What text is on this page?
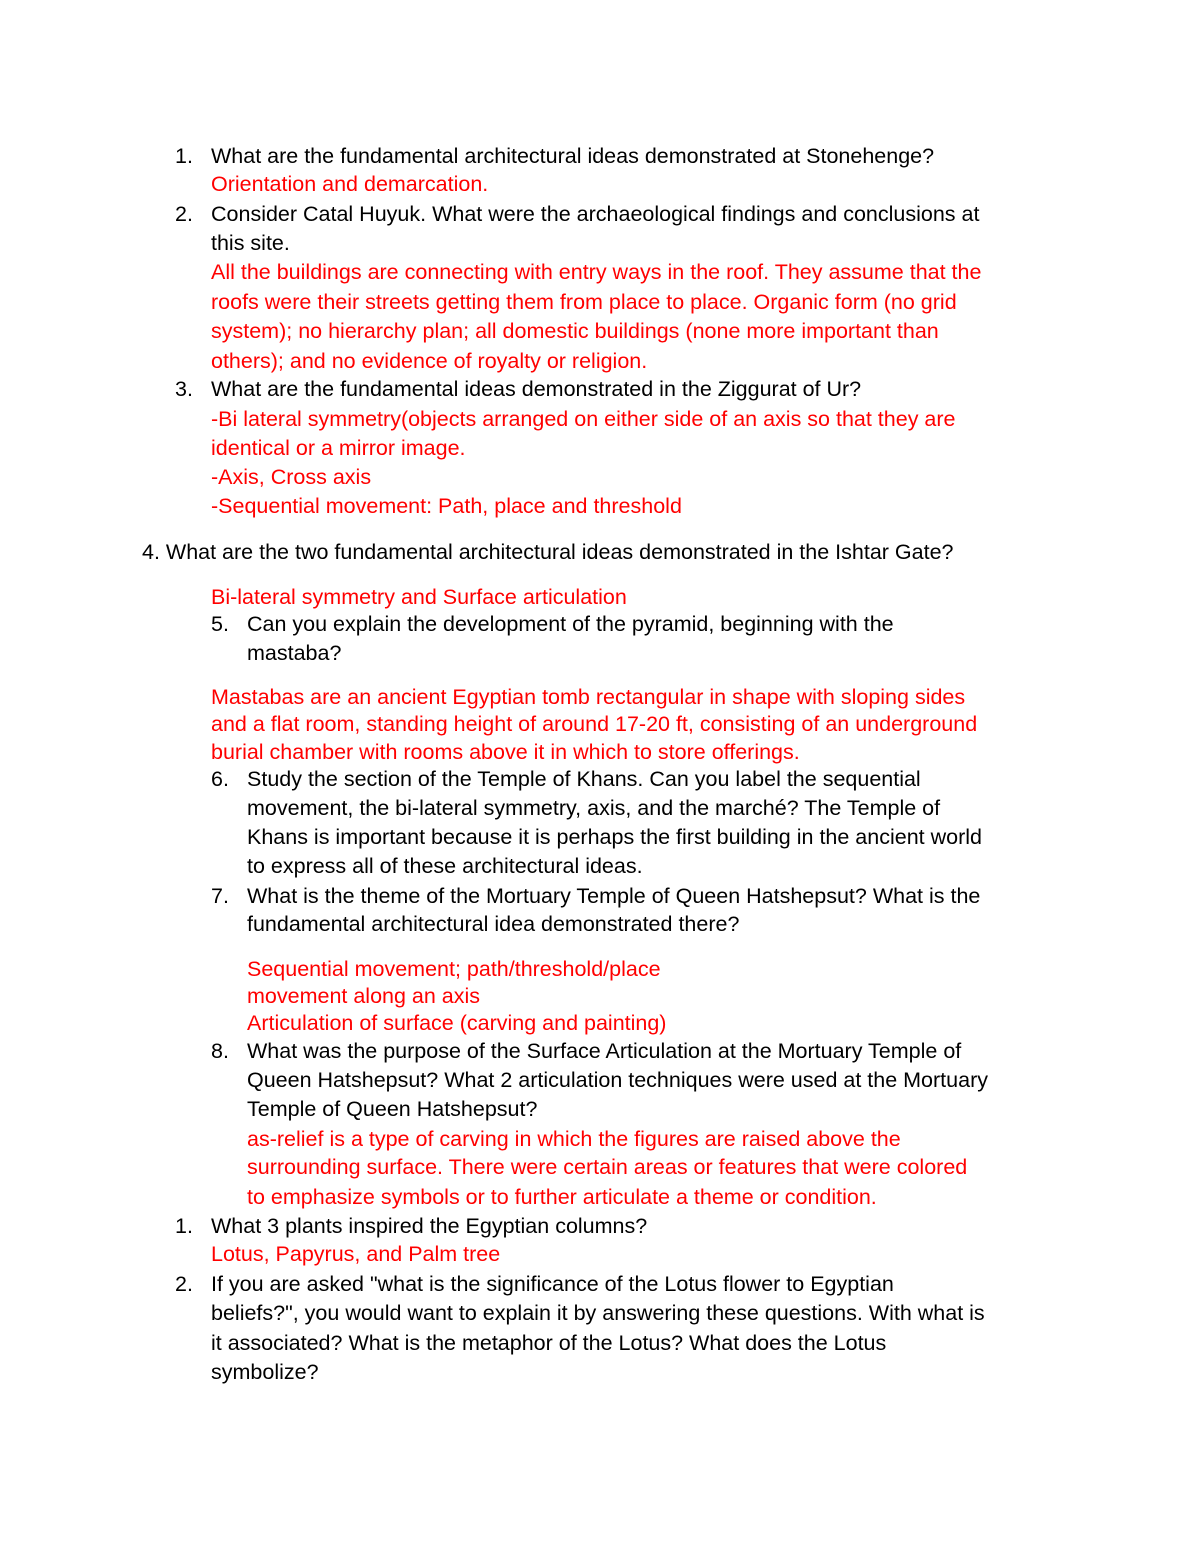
1. What are the fundamental architectural ideas demonstrated at Stonehenge?
Orientation and demarcation.
2. Consider Catal Huyuk. What were the archaeological findings and conclusions at
this site.
All the buildings are connecting with entry ways in the roof. They assume that the
roofs were their streets getting them from place to place. Organic form (no grid
system); no hierarchy plan; all domestic buildings (none more important than
others); and no evidence of royalty or religion.
3. What are the fundamental ideas demonstrated in the Ziggurat of Ur?
-Bi lateral symmetry(objects arranged on either side of an axis so that they are
identical or a mirror image.
-Axis, Cross axis
-Sequential movement: Path, place and threshold
4. What are the two fundamental architectural ideas demonstrated in the Ishtar Gate?
Bi-lateral symmetry and Surface articulation
5. Can you explain the development of the pyramid, beginning with the
mastaba?
Mastabas are an ancient Egyptian tomb rectangular in shape with sloping sides
and a flat room, standing height of around 17-20 ft, consisting of an underground
burial chamber with rooms above it in which to store offerings.
6. Study the section of the Temple of Khans. Can you label the sequential
movement, the bi-lateral symmetry, axis, and the marché? The Temple of
Khans is important because it is perhaps the first building in the ancient world
to express all of these architectural ideas.
7. What is the theme of the Mortuary Temple of Queen Hatshepsut? What is the
fundamental architectural idea demonstrated there?
Sequential movement; path/threshold/place
movement along an axis
Articulation of surface (carving and painting)
8. What was the purpose of the Surface Articulation at the Mortuary Temple of
Queen Hatshepsut? What 2 articulation techniques were used at the Mortuary
Temple of Queen Hatshepsut?
as-relief is a type of carving in which the figures are raised above the
surrounding surface. There were certain areas or features that were colored
to emphasize symbols or to further articulate a theme or condition.
1. What 3 plants inspired the Egyptian columns?
Lotus, Papyrus, and Palm tree
2. If you are asked "what is the significance of the Lotus flower to Egyptian
beliefs?", you would want to explain it by answering these questions. With what is
it associated? What is the metaphor of the Lotus? What does the Lotus
symbolize?
